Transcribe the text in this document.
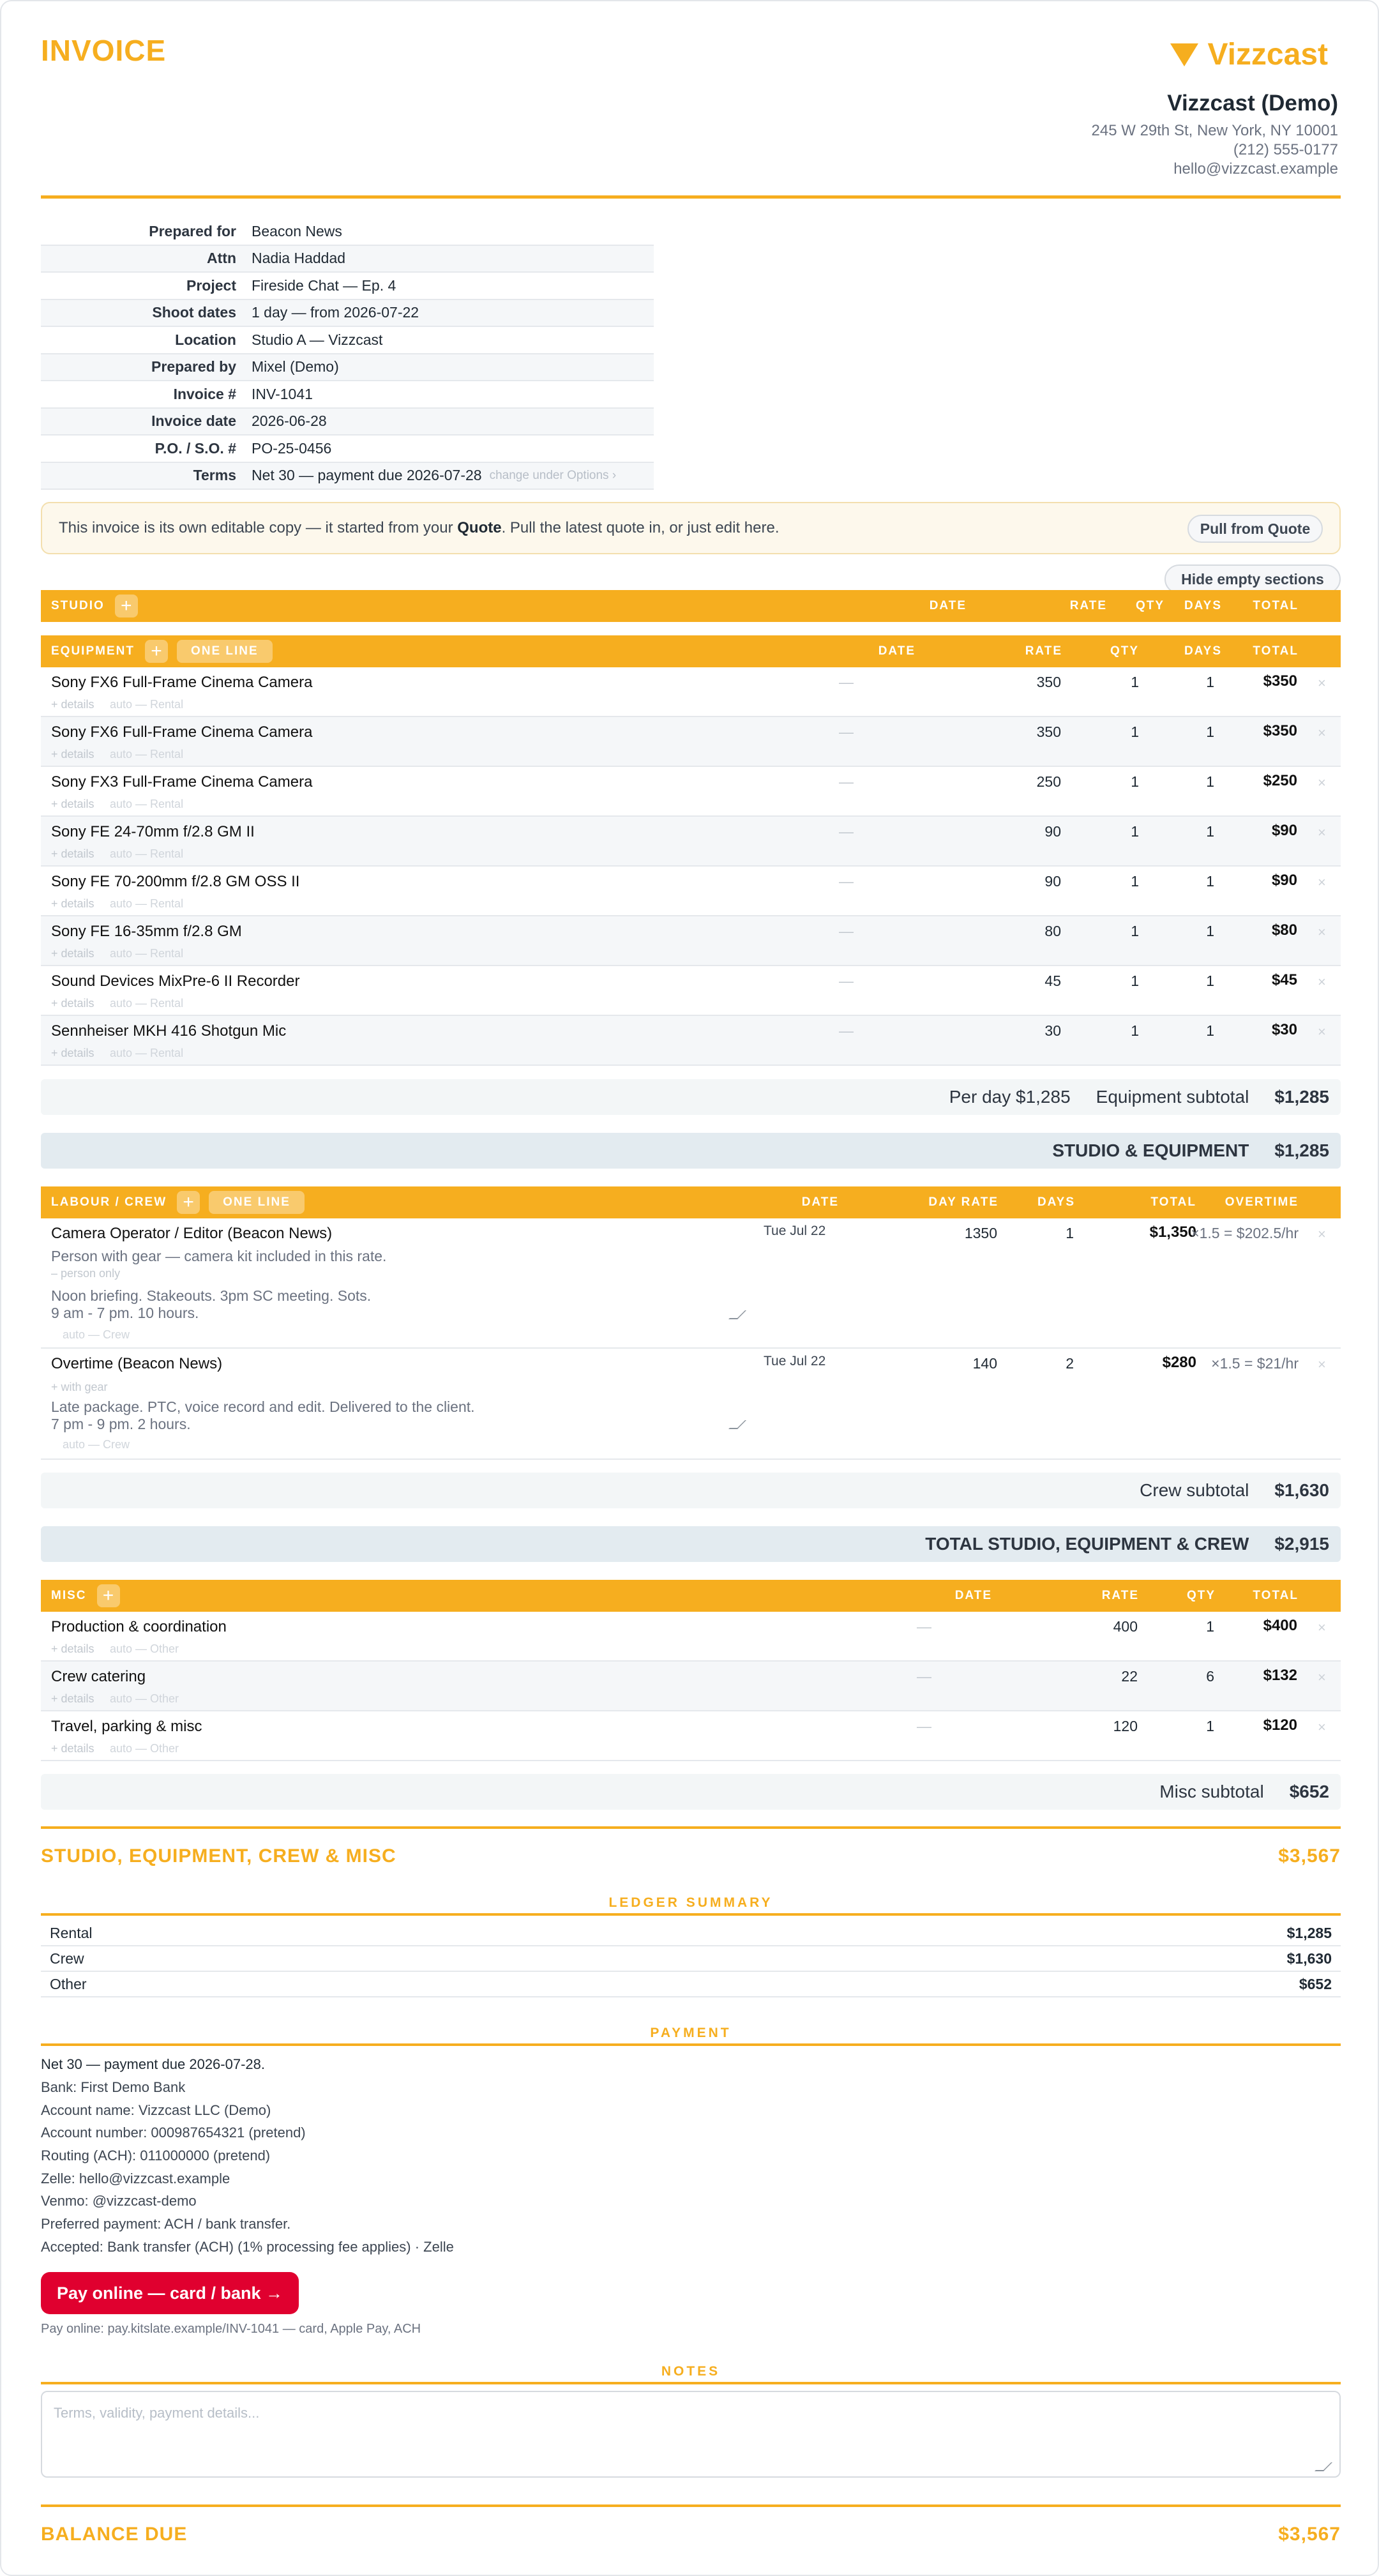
INVOICE	Vizzcast
Vizzcast (Demo)
245 W 29th St, New York, NY 10001
(212) 555-0177
hello@vizzcast.example
Prepared for	Beacon News
Attn	Nadia Haddad
Project	Fireside Chat — Ep. 4
Shoot dates	1 day — from 2026-07-22
Location	Studio A — Vizzcast
Prepared by	Mixel (Demo)
Invoice #	INV-1041
Invoice date	2026-06-28
P.O. / S.O. #	PO-25-0456
Terms	Net 30 — payment due 2026-07-28 change under Options ›
This invoice is its own editable copy — it started from your Quote. Pull the latest quote in, or just edit here.	Pull from Quote
Hide empty sections
STUDIO +	DATE	RATE	QTY	DAYS	TOTAL
EQUIPMENT +	ONE LINE	DATE	RATE	QTY	DAYS	TOTAL
Sony FX6 Full-Frame Cinema Camera
+ details auto — Rental
—	350	1	1	$350 ×
Sony FX6 Full-Frame Cinema Camera
+ details auto — Rental
—	350	1	1	$350 ×
Sony FX3 Full-Frame Cinema Camera
+ details auto — Rental
—	250	1	1	$250 ×
Sony FE 24-70mm f/2.8 GM II
+ details auto — Rental
—	90	1	1	$90 ×
Sony FE 70-200mm f/2.8 GM OSS II
+ details auto — Rental
—	90	1	1	$90 ×
Sony FE 16-35mm f/2.8 GM
+ details auto — Rental
—	80	1	1	$80 ×
Sound Devices MixPre-6 II Recorder
+ details auto — Rental
—	45	1	1	$45 ×
Sennheiser MKH 416 Shotgun Mic
+ details auto — Rental
—	30	1	1	$30 ×
Per day $1,285 Equipment subtotal $1,285
STUDIO & EQUIPMENT $1,285
LABOUR / CREW +	ONE LINE	DATE	DAY RATE	DAYS	TOTAL	OVERTIME
Camera Operator / Editor (Beacon News)
Person with gear — camera kit included in this rate.
– person only
Noon briefing. Stakeouts. 3pm SC meeting. Sots.
9 am - 7 pm. 10 hours.
auto — Crew
Tue Jul 22	1350	1	$1,350
×1.5 = $202.5/hr ×
Overtime (Beacon News)
+ with gear
Late package. PTC, voice record and edit. Delivered to the client.
7 pm - 9 pm. 2 hours.
auto — Crew
Tue Jul 22	140	2	$280	×1.5 = $21/hr ×
Crew subtotal $1,630
TOTAL STUDIO, EQUIPMENT & CREW $2,915
MISC +	DATE	RATE	QTY	TOTAL
Production & coordination
+ details auto — Other
—	400	1	$400 ×
Crew catering
+ details auto — Other
—	22	6	$132 ×
Travel, parking & misc
+ details auto — Other
—	120	1	$120 ×
Misc subtotal $652
STUDIO, EQUIPMENT, CREW & MISC	$3,567
LEDGER SUMMARY
Rental	$1,285
Crew	$1,630
Other	$652
PAYMENT
Net 30 — payment due 2026-07-28.
Bank: First Demo Bank
Account name: Vizzcast LLC (Demo)
Account number: 000987654321 (pretend)
Routing (ACH): 011000000 (pretend)
Zelle: hello@vizzcast.example
Venmo: @vizzcast-demo
Preferred payment: ACH / bank transfer.
Accepted: Bank transfer (ACH) (1% processing fee applies) · Zelle
Pay online — card / bank →
Pay online: pay.kitslate.example/INV-1041 — card, Apple Pay, ACH
NOTES
Terms, validity, payment details...
BALANCE DUE	$3,567
